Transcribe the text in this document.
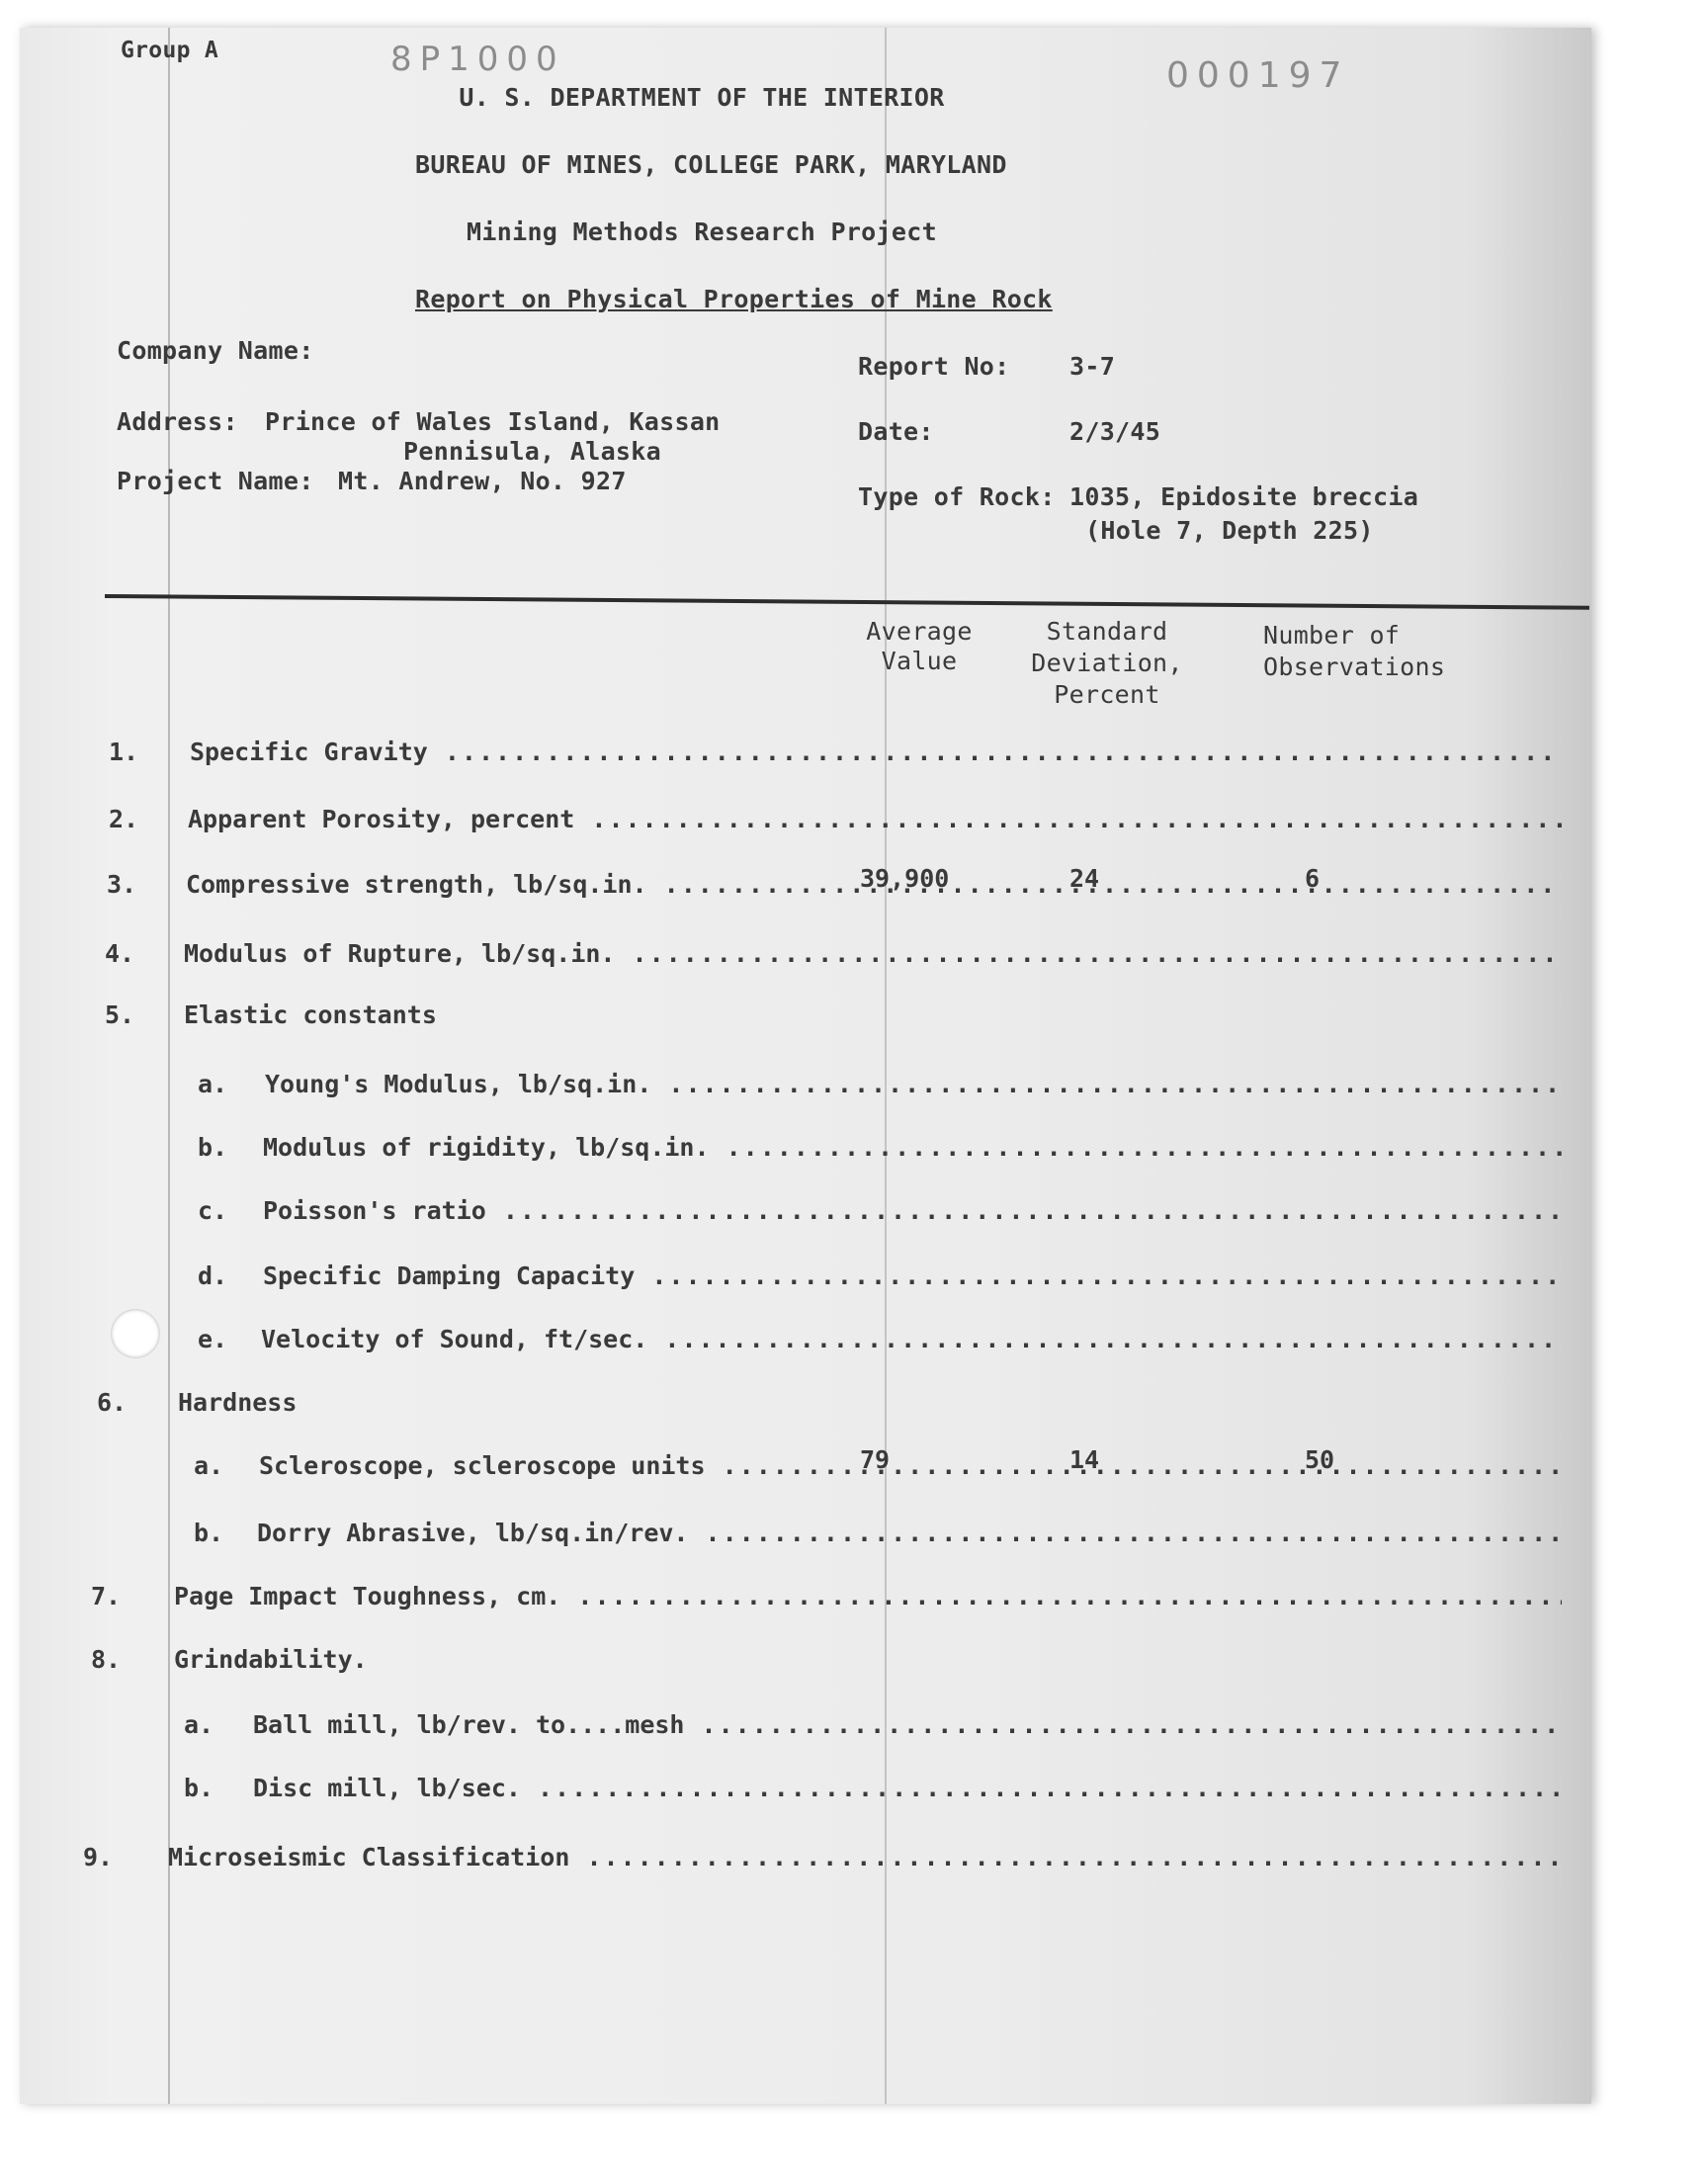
Group A	8P1000	000197
U. S. DEPARTMENT OF THE INTERIOR
BUREAU OF MINES, COLLEGE PARK, MARYLAND
Mining Methods Research Project
Report on Physical Properties of Mine Rock
Company Name:
Address: Prince of Wales Island, Kassan
Pennisula, Alaska
Project Name: Mt. Andrew, No. 927
Report No: 3-7
Date:	2/3/45
Type of Rock: 1035, Epidosite breccia
(Hole 7, Depth 225)
Average
Value
Standard
Deviation,
Percent
Number of
Observations
1. Specific Gravity .....
2. Apparent Porosity, percent .....
3. Compressive strength, lb/sq.in. .....	39,900	24	6
4. Modulus of Rupture, lb/sq.in. .....
5. Elastic constants
a. Young's Modulus, lb/sq.in. .....
b. Modulus of rigidity, lb/sq.in. .....
c. Poisson's ratio .....
d. Specific Damping Capacity .....
e. Velocity of Sound, ft/sec. .....
6. Hardness
a. Scleroscope, scleroscope units .....	79	14	50
b. Dorry Abrasive, lb/sq.in/rev. .....
7. Page Impact Toughness, cm. .....
8. Grindability.
a. Ball mill, lb/rev. to....mesh .....
b. Disc mill, lb/sec. .....
9. Microseismic Classification .....
